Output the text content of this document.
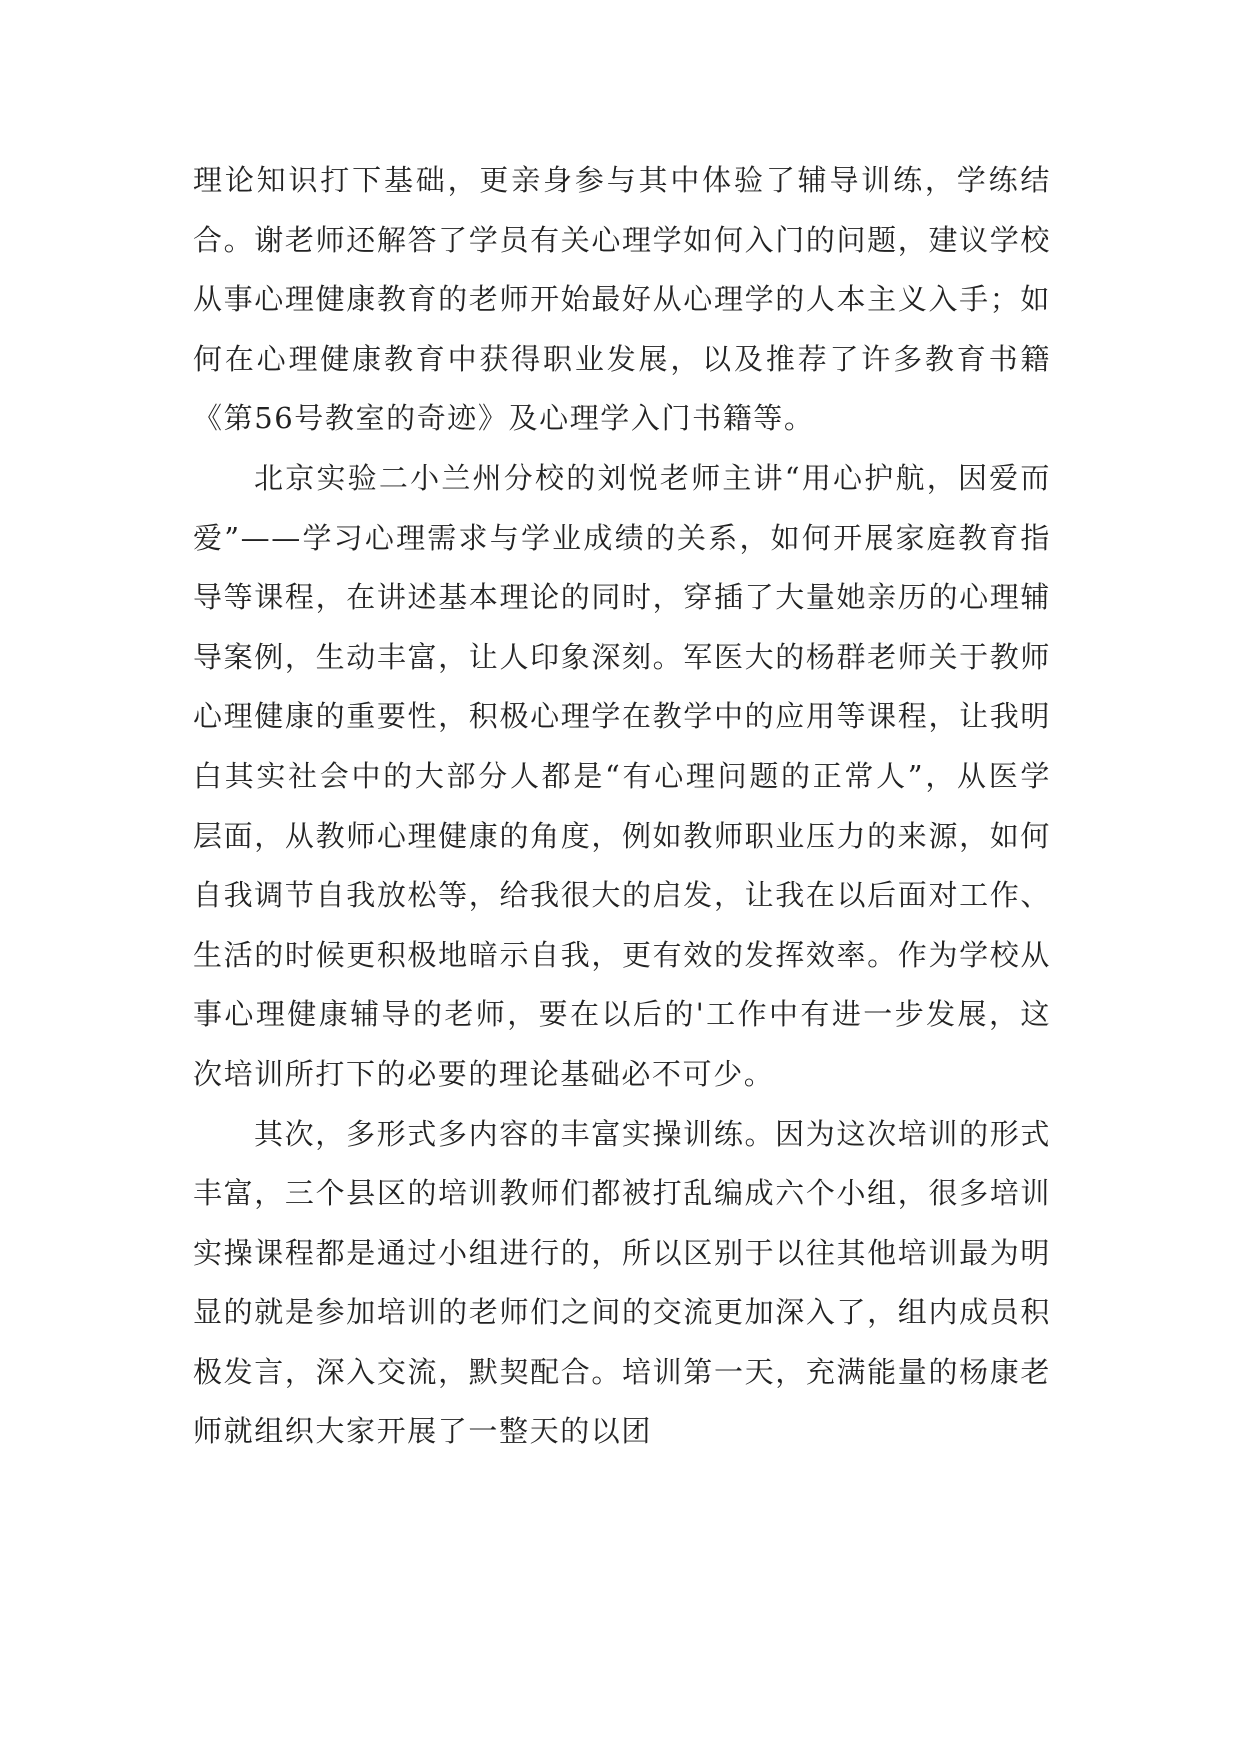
理论知识打下基础，更亲身参与其中体验了辅导训练，学练结合。谢老师还解答了学员有关心理学如何入门的问题，建议学校从事心理健康教育的老师开始最好从心理学的人本主义入手；如何在心理健康教育中获得职业发展，以及推荐了许多教育书籍《第56号教室的奇迹》及心理学入门书籍等。

北京实验二小兰州分校的刘悦老师主讲“用心护航，因爱而爱”——学习心理需求与学业成绩的关系，如何开展家庭教育指导等课程，在讲述基本理论的同时，穿插了大量她亲历的心理辅导案例，生动丰富，让人印象深刻。军医大的杨群老师关于教师心理健康的重要性，积极心理学在教学中的应用等课程，让我明白其实社会中的大部分人都是“有心理问题的正常人”，从医学层面，从教师心理健康的角度，例如教师职业压力的来源，如何自我调节自我放松等，给我很大的启发，让我在以后面对工作、生活的时候更积极地暗示自我，更有效的发挥效率。作为学校从事心理健康辅导的老师，要在以后的'工作中有进一步发展，这次培训所打下的必要的理论基础必不可少。

其次，多形式多内容的丰富实操训练。因为这次培训的形式丰富，三个县区的培训教师们都被打乱编成六个小组，很多培训实操课程都是通过小组进行的，所以区别于以往其他培训最为明显的就是参加培训的老师们之间的交流更加深入了，组内成员积极发言，深入交流，默契配合。培训第一天，充满能量的杨康老师就组织大家开展了一整天的以团
